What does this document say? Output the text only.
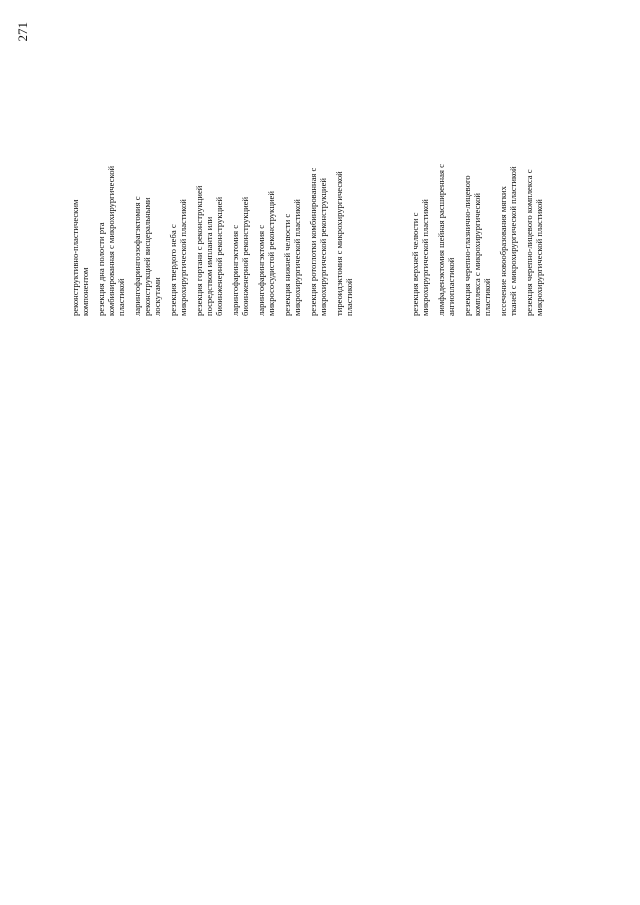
271
реконструктивно-пластическим
компонентом резекция дна полости рта
комбинированная с микрохирургической
пластикой ларингофарингоэзофагэктомия с
реконструкцией висцеральными
лоскутами резекция твердого неба с
микрохирургической пластикой
резекция гортани с реконструкцией
посредством импланта или
биоинженерной реконструкцией
ларингофарингэктомия с
биоинженерной реконструкцией
ларингофарингэктомия с
микрососудистой реконструкцией
резекция нижней челюсти с
микрохирургической пластикой
резекция ротоглотки комбинированная с
микрохирургической реконструкцией
тиреоидэктомия с микрохирургической
пластикой	резекция верхней челюсти с
микрохирургической пластикой
лимфаденэктомия шейная расширенная с
ангиопластикой резекция черепно-глазнично-лицевого
комплекса с микрохирургической
пластикой иссечение новообразования мягких
тканей с микрохирургической пластикой
резекция черепно-лицевого комплекса с
микрохирургической пластикой
